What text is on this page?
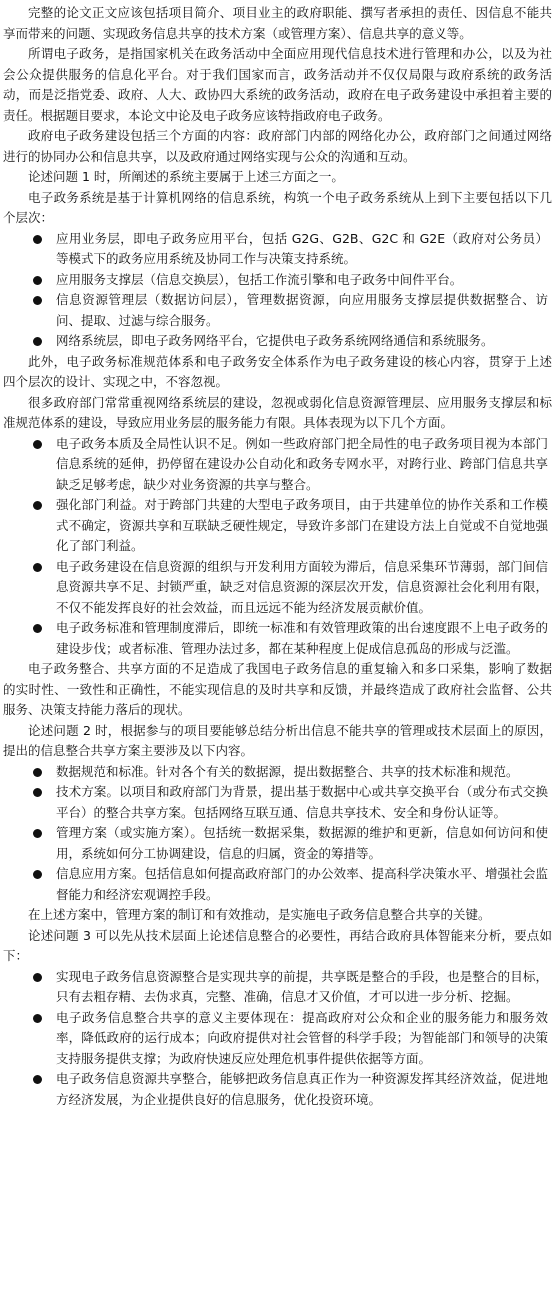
完整的论文正文应该包括项目简介、项目业主的政府职能、撰写者承担的责任、因信息不能共享而带来的问题、实现政务信息共享的技术方案（或管理方案）、信息共享的意义等。

所谓电子政务，是指国家机关在政务活动中全面应用现代信息技术进行管理和办公，以及为社会公众提供服务的信息化平台。对于我们国家而言，政务活动并不仅仅局限与政府系统的政务活动，而是泛指党委、政府、人大、政协四大系统的政务活动，政府在电子政务建设中承担着主要的责任。根据题目要求，本论文中论及电子政务应该特指政府电子政务。

政府电子政务建设包括三个方面的内容：政府部门内部的网络化办公，政府部门之间通过网络进行的协同办公和信息共享，以及政府通过网络实现与公众的沟通和互动。

论述问题 1 时，所阐述的系统主要属于上述三方面之一。

电子政务系统是基于计算机网络的信息系统，构筑一个电子政务系统从上到下主要包括以下几个层次：

应用业务层，即电子政务应用平台，包括 G2G、G2B、G2C 和 G2E（政府对公务员）等模式下的政务应用系统及协同工作与决策支持系统。
应用服务支撑层（信息交换层），包括工作流引擎和电子政务中间件平台。
信息资源管理层（数据访问层），管理数据资源，向应用服务支撑层提供数据整合、访问、提取、过滤与综合服务。
网络系统层，即电子政务网络平台，它提供电子政务系统网络通信和系统服务。

此外，电子政务标准规范体系和电子政务安全体系作为电子政务建设的核心内容，贯穿于上述四个层次的设计、实现之中，不容忽视。

很多政府部门常常重视网络系统层的建设，忽视或弱化信息资源管理层、应用服务支撑层和标准规范体系的建设，导致应用业务层的服务能力有限。具体表现为以下几个方面。

电子政务本质及全局性认识不足。例如一些政府部门把全局性的电子政务项目视为本部门信息系统的延伸，扔停留在建设办公自动化和政务专网水平，对跨行业、跨部门信息共享缺乏足够考虑，缺少对业务资源的共享与整合。
强化部门利益。对于跨部门共建的大型电子政务项目，由于共建单位的协作关系和工作模式不确定，资源共享和互联缺乏硬性规定，导致许多部门在建设方法上自觉或不自觉地强化了部门利益。
电子政务建设在信息资源的组织与开发利用方面较为滞后，信息采集环节薄弱，部门间信息资源共享不足、封锁严重，缺乏对信息资源的深层次开发，信息资源社会化利用有限，不仅不能发挥良好的社会效益，而且远远不能为经济发展贡献价值。
电子政务标准和管理制度滞后，即统一标准和有效管理政策的出台速度跟不上电子政务的建设步伐；或者标准、管理办法过多，都在某种程度上促成信息孤岛的形成与泛滥。

电子政务整合、共享方面的不足造成了我国电子政务信息的重复输入和多口采集，影响了数据的实时性、一致性和正确性，不能实现信息的及时共享和反馈，并最终造成了政府社会监督、公共服务、决策支持能力落后的现状。

论述问题 2 时，根据参与的项目要能够总结分析出信息不能共享的管理或技术层面上的原因，提出的信息整合共享方案主要涉及以下内容。

数据规范和标准。针对各个有关的数据源，提出数据整合、共享的技术标准和规范。
技术方案。以项目和政府部门为背景，提出基于数据中心或共享交换平台（或分布式交换平台）的整合共享方案。包括网络互联互通、信息共享技术、安全和身份认证等。
管理方案（或实施方案）。包括统一数据采集，数据源的维护和更新，信息如何访问和使用，系统如何分工协调建设，信息的归属，资金的筹措等。
信息应用方案。包括信息如何提高政府部门的办公效率、提高科学决策水平、增强社会监督能力和经济宏观调控手段。

在上述方案中，管理方案的制订和有效推动，是实施电子政务信息整合共享的关键。

论述问题 3 可以先从技术层面上论述信息整合的必要性，再结合政府具体智能来分析，要点如下：

实现电子政务信息资源整合是实现共享的前提，共享既是整合的手段，也是整合的目标，只有去粗存精、去伪求真，完整、准确，信息才又价值，才可以进一步分析、挖掘。
电子政务信息整合共享的意义主要体现在：提高政府对公众和企业的服务能力和服务效率，降低政府的运行成本；向政府提供对社会管督的科学手段；为智能部门和领导的决策支持服务提供支撑；为政府快速反应处理危机事件提供依据等方面。
电子政务信息资源共享整合，能够把政务信息真正作为一种资源发挥其经济效益，促进地方经济发展，为企业提供良好的信息服务，优化投资环境。
